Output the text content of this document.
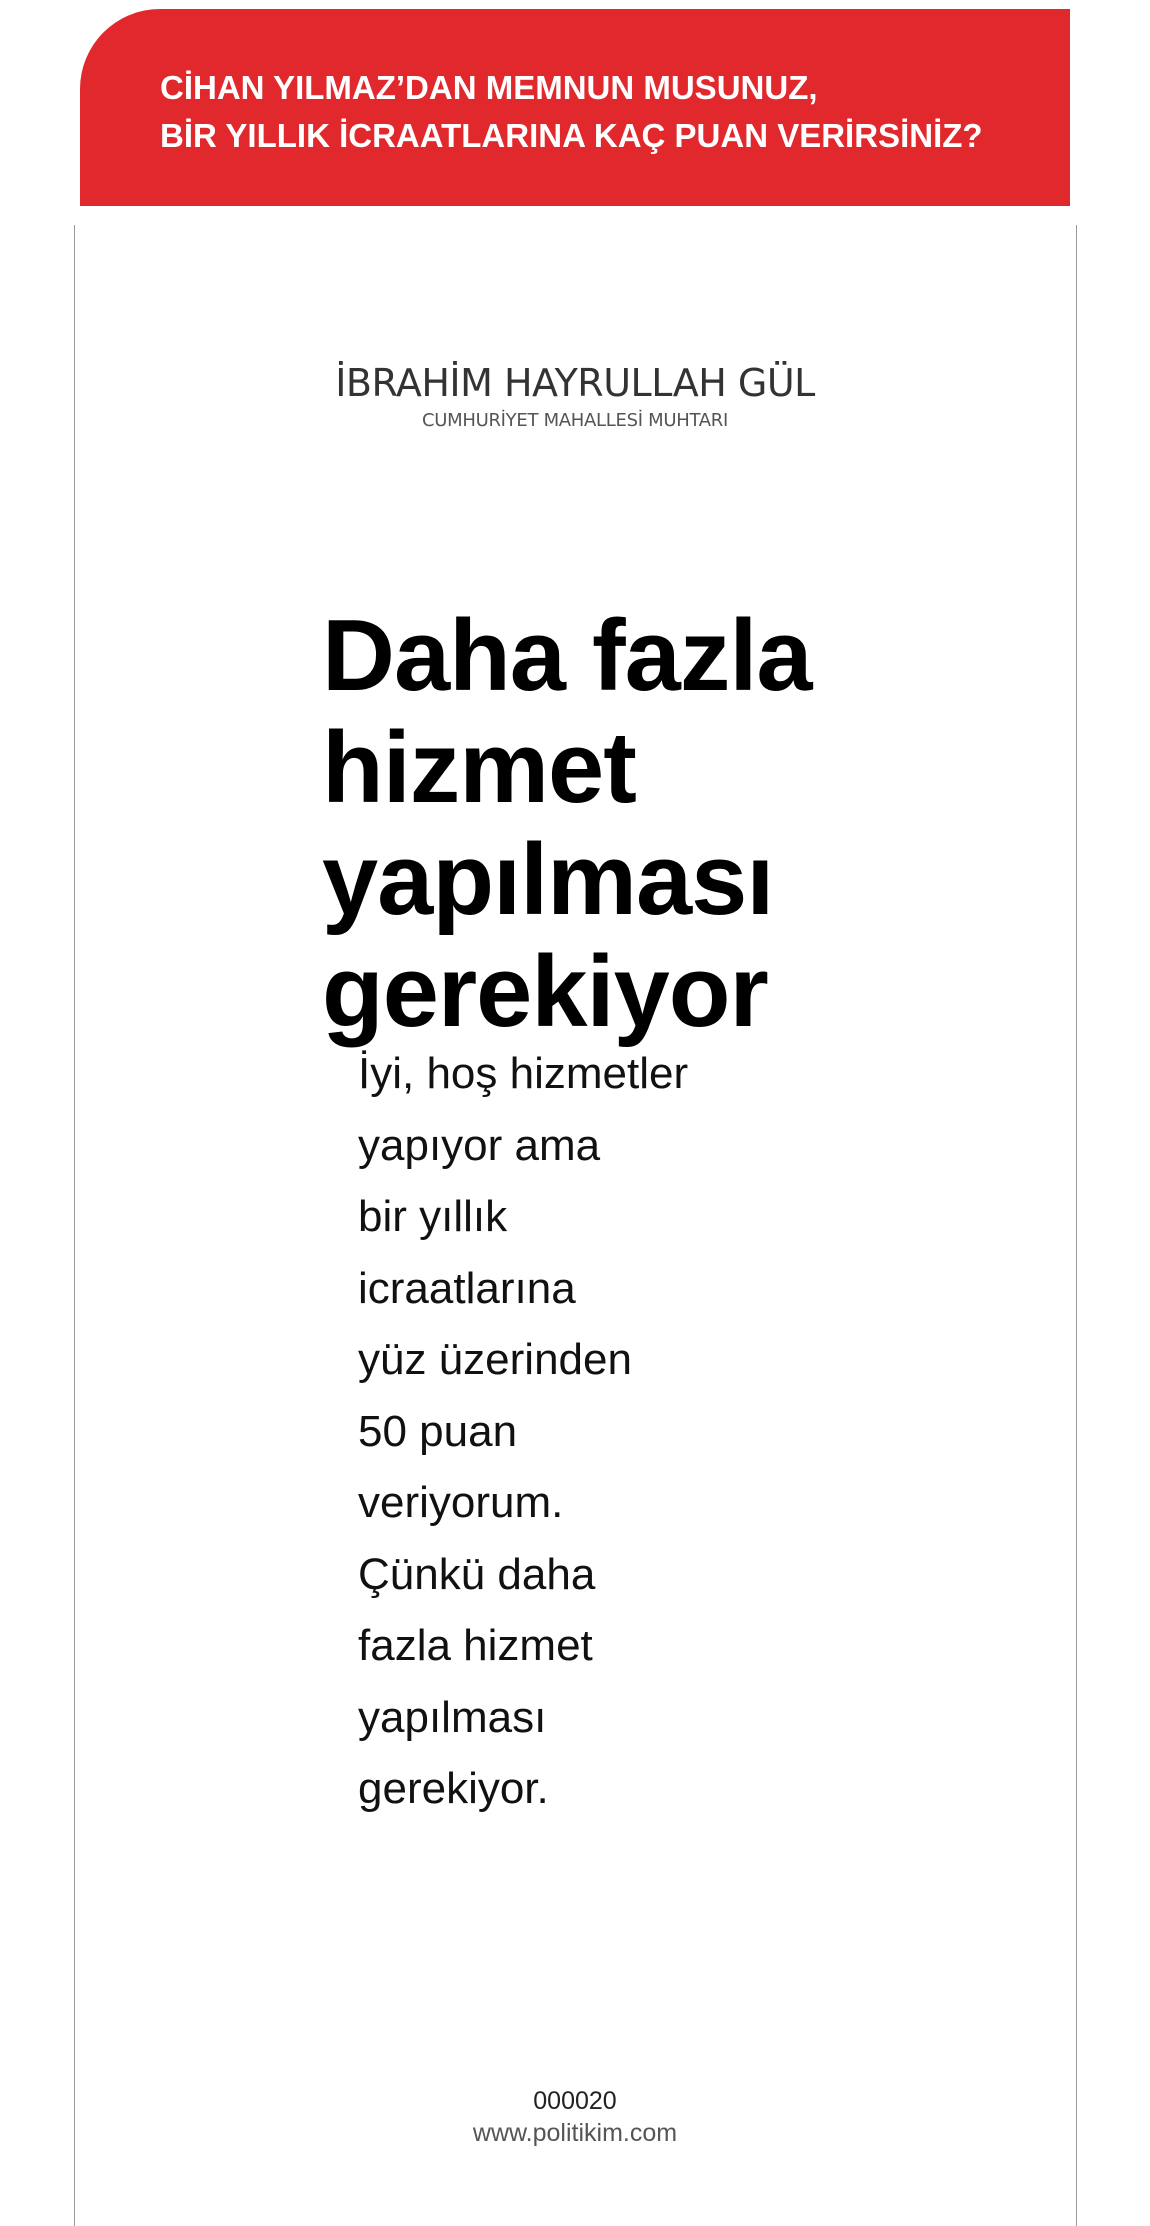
CİHAN YILMAZ’DAN MEMNUN MUSUNUZ,
BİR YILLIK İCRAATLARINA KAÇ PUAN VERİRSİNİZ?
İBRAHİM HAYRULLAH GÜL
CUMHURİYET MAHALLESİ MUHTARI
Daha fazla
hizmet
yapılması
gerekiyor
İyi, hoş hizmetler
yapıyor ama
bir yıllık
icraatlarına
yüz üzerinden
50 puan
veriyorum.
Çünkü daha
fazla hizmet
yapılması
gerekiyor.
000020
www.politikim.com
